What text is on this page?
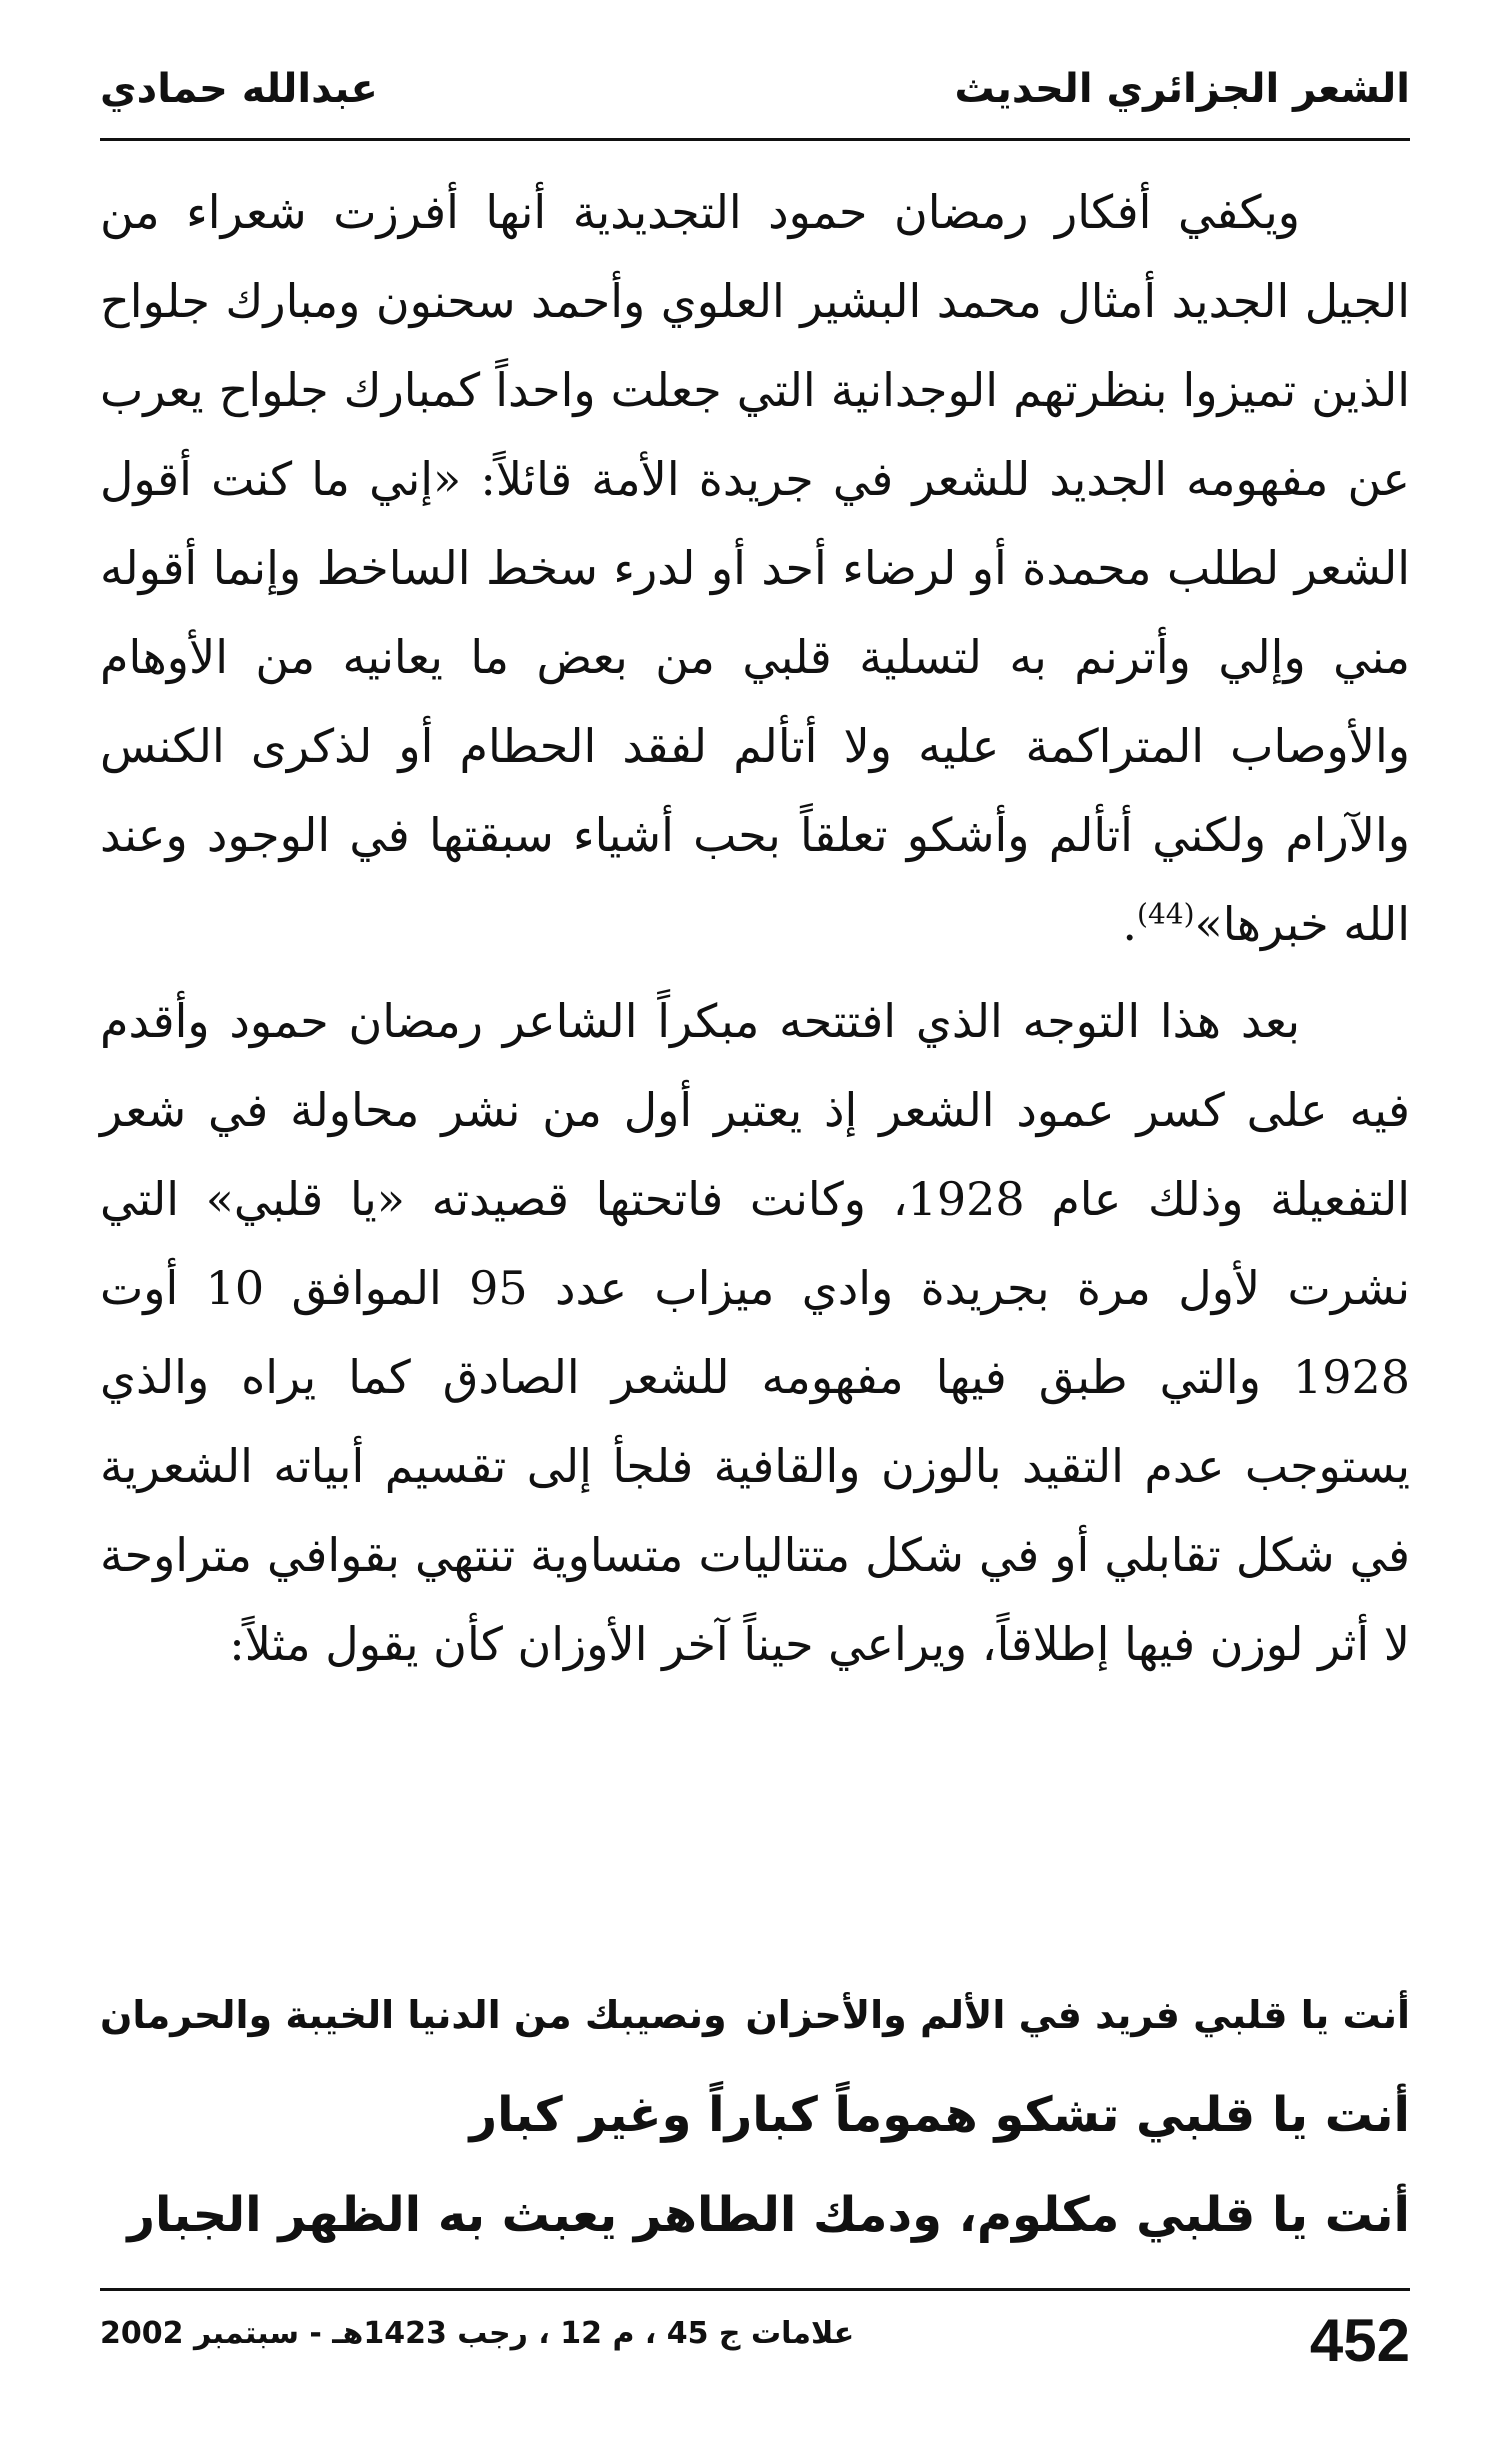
الشعر الجزائري الحديث
عبدالله حمادي

ويكفي أفكار رمضان حمود التجديدية أنها أفرزت شعراء من الجيل الجديد أمثال محمد البشير العلوي وأحمد سحنون ومبارك جلواح الذين تميزوا بنظرتهم الوجدانية التي جعلت واحداً كمبارك جلواح يعرب عن مفهومه الجديد للشعر في جريدة الأمة قائلاً: «إني ما كنت أقول الشعر لطلب محمدة أو لرضاء أحد أو لدرء سخط الساخط وإنما أقوله مني وإلي وأترنم به لتسلية قلبي من بعض ما يعانيه من الأوهام والأوصاب المتراكمة عليه ولا أتألم لفقد الحطام أو لذكرى الكنس والآرام ولكني أتألم وأشكو تعلقاً بحب أشياء سبقتها في الوجود وعند الله خبرها»$^{(44)}$.

بعد هذا التوجه الذي افتتحه مبكراً الشاعر رمضان حمود وأقدم فيه على كسر عمود الشعر إذ يعتبر أول من نشر محاولة في شعر التفعيلة وذلك عام 1928، وكانت فاتحتها قصيدته «يا قلبي» التي نشرت لأول مرة بجريدة وادي ميزاب عدد 95 الموافق 10 أوت 1928 والتي طبق فيها مفهومه للشعر الصادق كما يراه والذي يستوجب عدم التقيد بالوزن والقافية فلجأ إلى تقسيم أبياته الشعرية في شكل تقابلي أو في شكل متتاليات متساوية تنتهي بقوافي متراوحة لا أثر لوزن فيها إطلاقاً، ويراعي حيناً آخر الأوزان كأن يقول مثلاً:

أنت يا قلبي فريد في الألم والأحزان
ونصيبك من الدنيا الخيبة والحرمان
أنت يا قلبي تشكو هموماً كباراً وغير كبار
أنت يا قلبي مكلوم، ودمك الطاهر يعبث به الظهر الجبار
452
علامات ج 45 ، م 12 ، رجب 1423هـ - سبتمبر 2002
